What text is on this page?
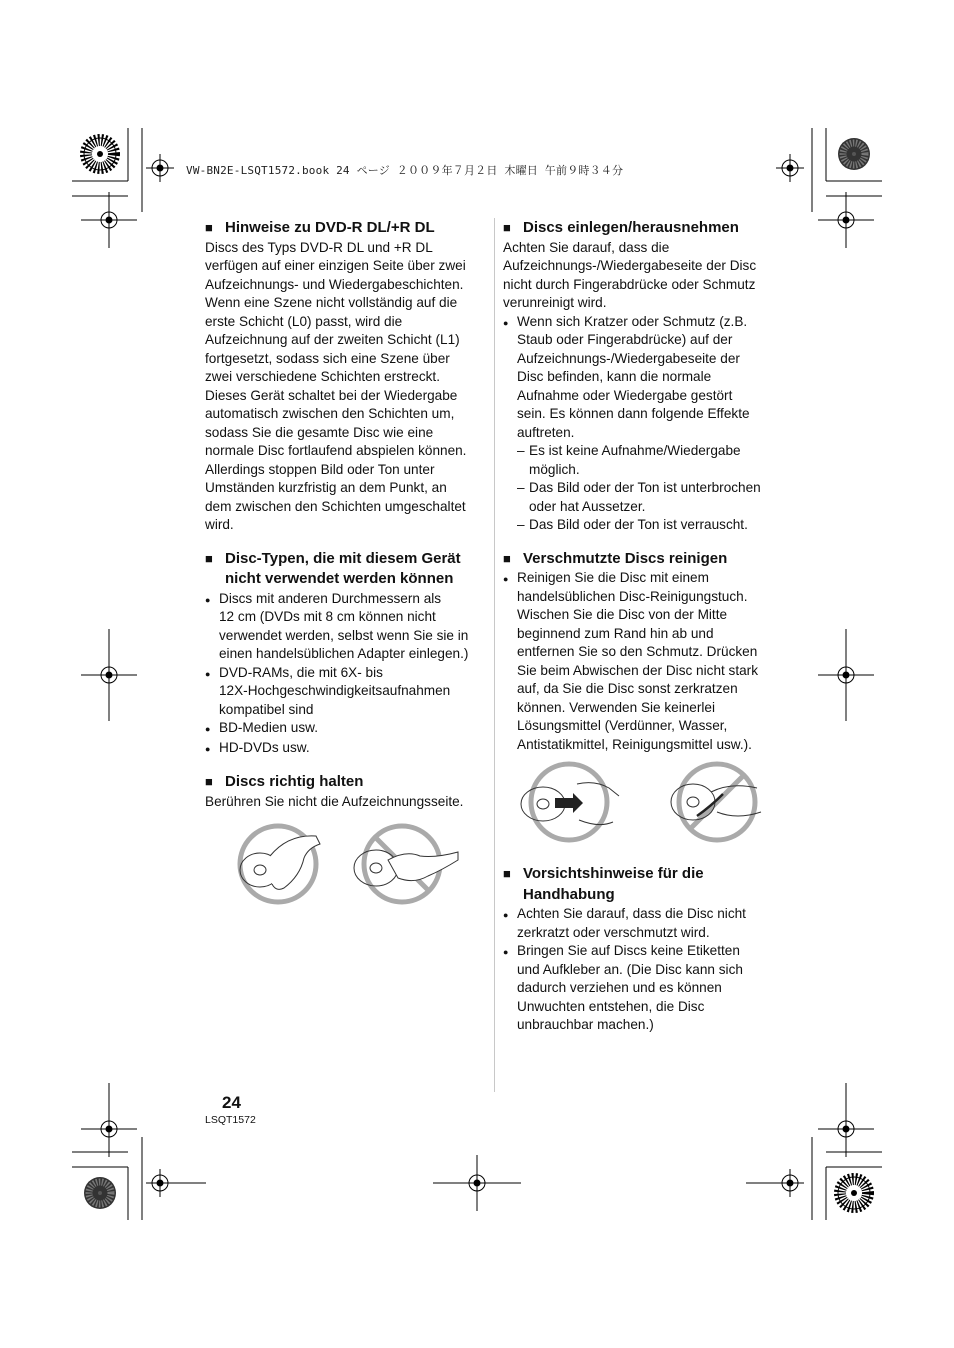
VW-BN2E-LSQT1572.book 24 ページ ２００９年７月２日 木曜日 午前９時３４分
■ Hinweise zu DVD-R DL/+R DL
Discs des Typs DVD-R DL und +R DL
verfügen auf einer einzigen Seite über zwei
Aufzeichnungs- und Wiedergabeschichten.
Wenn eine Szene nicht vollständig auf die
erste Schicht (L0) passt, wird die
Aufzeichnung auf der zweiten Schicht (L1)
fortgesetzt, sodass sich eine Szene über
zwei verschiedene Schichten erstreckt.
Dieses Gerät schaltet bei der Wiedergabe
automatisch zwischen den Schichten um,
sodass Sie die gesamte Disc wie eine
normale Disc fortlaufend abspielen können.
Allerdings stoppen Bild oder Ton unter
Umständen kurzfristig an dem Punkt, an
dem zwischen den Schichten umgeschaltet
wird.
■ Disc-Typen, die mit diesem Gerät
nicht verwendet werden können
● Discs mit anderen Durchmessern als
12 cm (DVDs mit 8 cm können nicht
verwendet werden, selbst wenn Sie sie in
einen handelsüblichen Adapter einlegen.)
● DVD-RAMs, die mit 6X- bis
12X-Hochgeschwindigkeitsaufnahmen
kompatibel sind
● BD-Medien usw.
● HD-DVDs usw.
■ Discs richtig halten
Berühren Sie nicht die Aufzeichnungsseite.
■ Discs einlegen/herausnehmen
Achten Sie darauf, dass die
Aufzeichnungs-/Wiedergabeseite der Disc
nicht durch Fingerabdrücke oder Schmutz
verunreinigt wird.
● Wenn sich Kratzer oder Schmutz (z.B.
Staub oder Fingerabdrücke) auf der
Aufzeichnungs-/Wiedergabeseite der
Disc befinden, kann die normale
Aufnahme oder Wiedergabe gestört
sein. Es können dann folgende Effekte
auftreten.
– Es ist keine Aufnahme/Wiedergabe
möglich.
– Das Bild oder der Ton ist unterbrochen
oder hat Aussetzer.
– Das Bild oder der Ton ist verrauscht.
■ Verschmutzte Discs reinigen
● Reinigen Sie die Disc mit einem
handelsüblichen Disc-Reinigungstuch.
Wischen Sie die Disc von der Mitte
beginnend zum Rand hin ab und
entfernen Sie so den Schmutz. Drücken
Sie beim Abwischen der Disc nicht stark
auf, da Sie die Disc sonst zerkratzen
können. Verwenden Sie keinerlei
Lösungsmittel (Verdünner, Wasser,
Antistatikmittel, Reinigungsmittel usw.).
■ Vorsichtshinweise für die
Handhabung
● Achten Sie darauf, dass die Disc nicht
zerkratzt oder verschmutzt wird.
● Bringen Sie auf Discs keine Etiketten
und Aufkleber an. (Die Disc kann sich
dadurch verziehen und es können
Unwuchten entstehen, die Disc
unbrauchbar machen.)
24
LSQT1572
